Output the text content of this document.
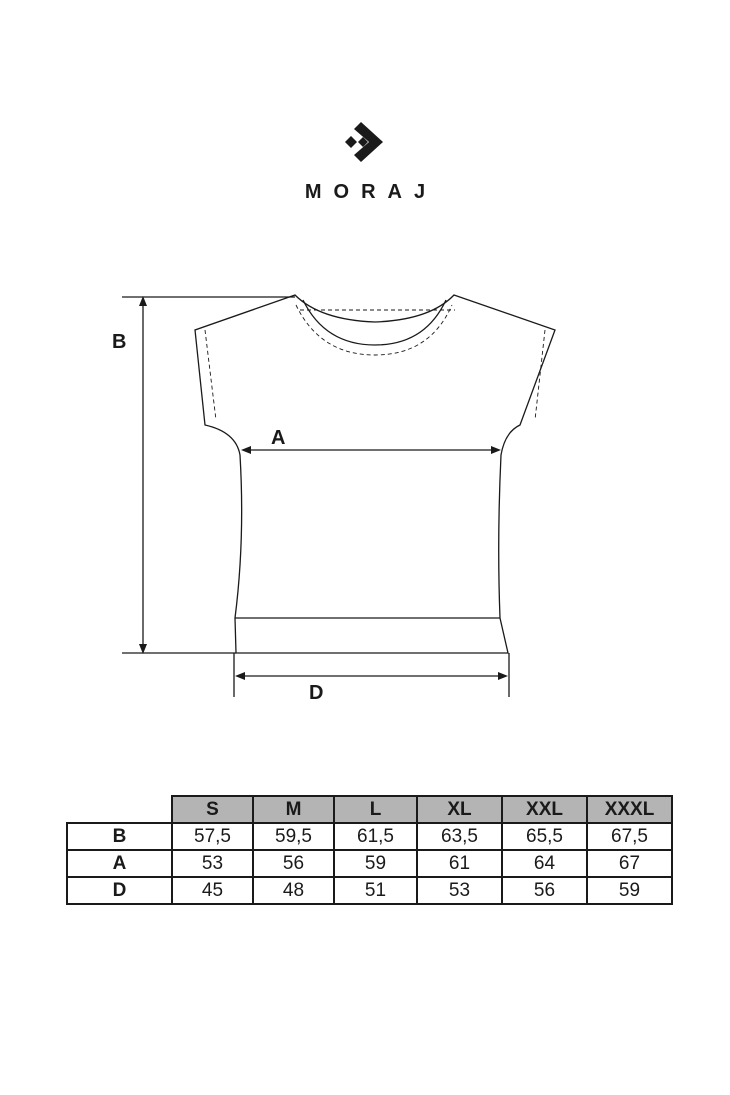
MORAJ
B
A
D
	S	M	L	XL	XXL	XXXL
B	57,5	59,5	61,5	63,5	65,5	67,5
A	53	56	59	61	64	67
D	45	48	51	53	56	59
